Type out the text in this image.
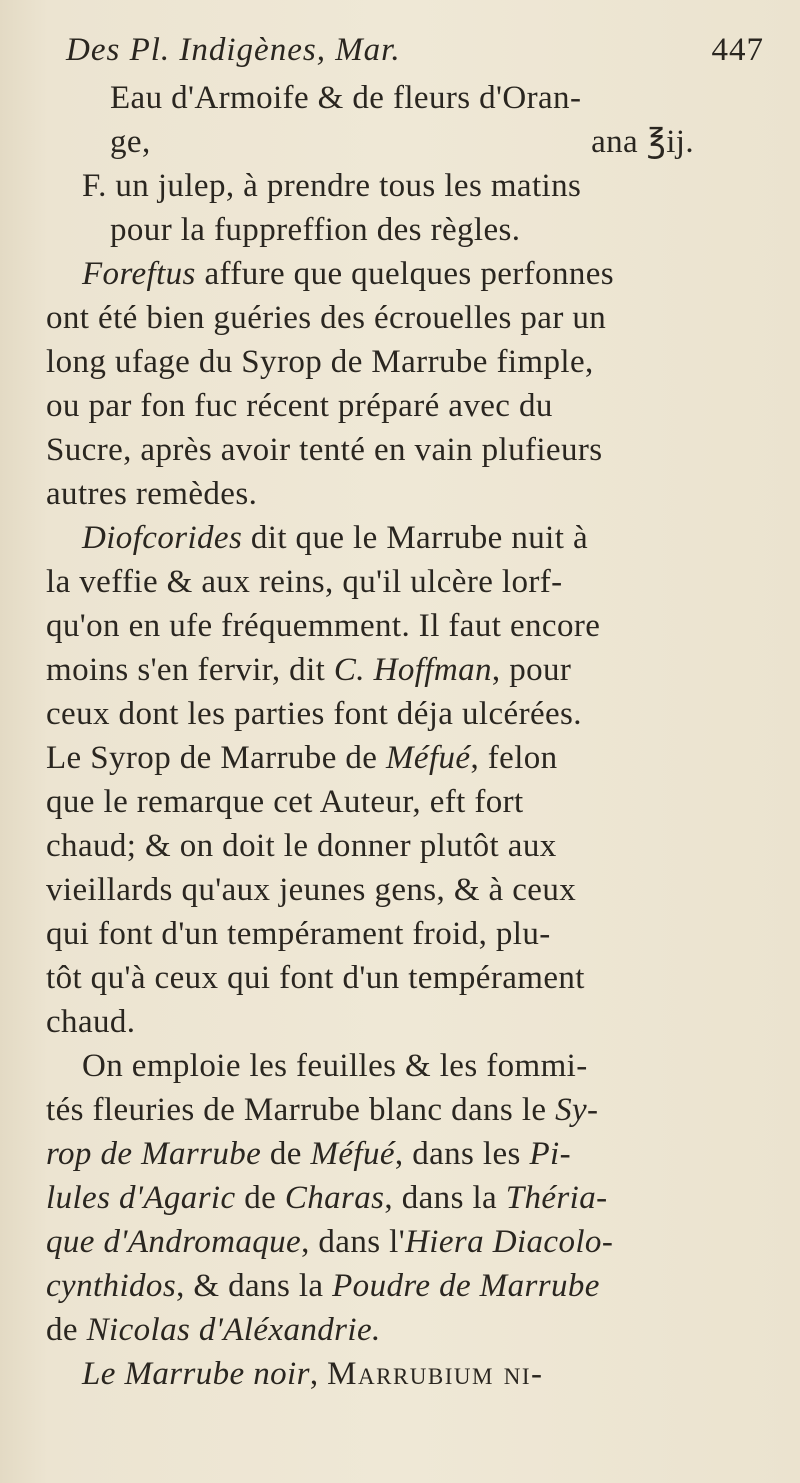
Des Pl. Indigènes, Mar.	447
Eau d'Armoife & de fleurs d'Oran-
ge,	ana ℥ij.
F. un julep, à prendre tous les matins
pour la fuppreffion des règles.
Foreftus affure que quelques perfonnes
ont été bien guéries des écrouelles par un
long ufage du Syrop de Marrube fimple,
ou par fon fuc récent préparé avec du
Sucre, après avoir tenté en vain plufieurs
autres remèdes.
Diofcorides dit que le Marrube nuit à
la veffie & aux reins, qu'il ulcère lorf-
qu'on en ufe fréquemment. Il faut encore
moins s'en fervir, dit C. Hoffman, pour
ceux dont les parties font déja ulcérées.
Le Syrop de Marrube de Méfué, felon
que le remarque cet Auteur, eft fort
chaud; & on doit le donner plutôt aux
vieillards qu'aux jeunes gens, & à ceux
qui font d'un tempérament froid, plu-
tôt qu'à ceux qui font d'un tempérament
chaud.
On emploie les feuilles & les fommi-
tés fleuries de Marrube blanc dans le Sy-
rop de Marrube de Méfué, dans les Pi-
lules d'Agaric de Charas, dans la Théria-
que d'Andromaque, dans l'Hiera Diacolo-
cynthidos, & dans la Poudre de Marrube
de Nicolas d'Aléxandrie.
Le Marrube noir, Marrubium ni-
